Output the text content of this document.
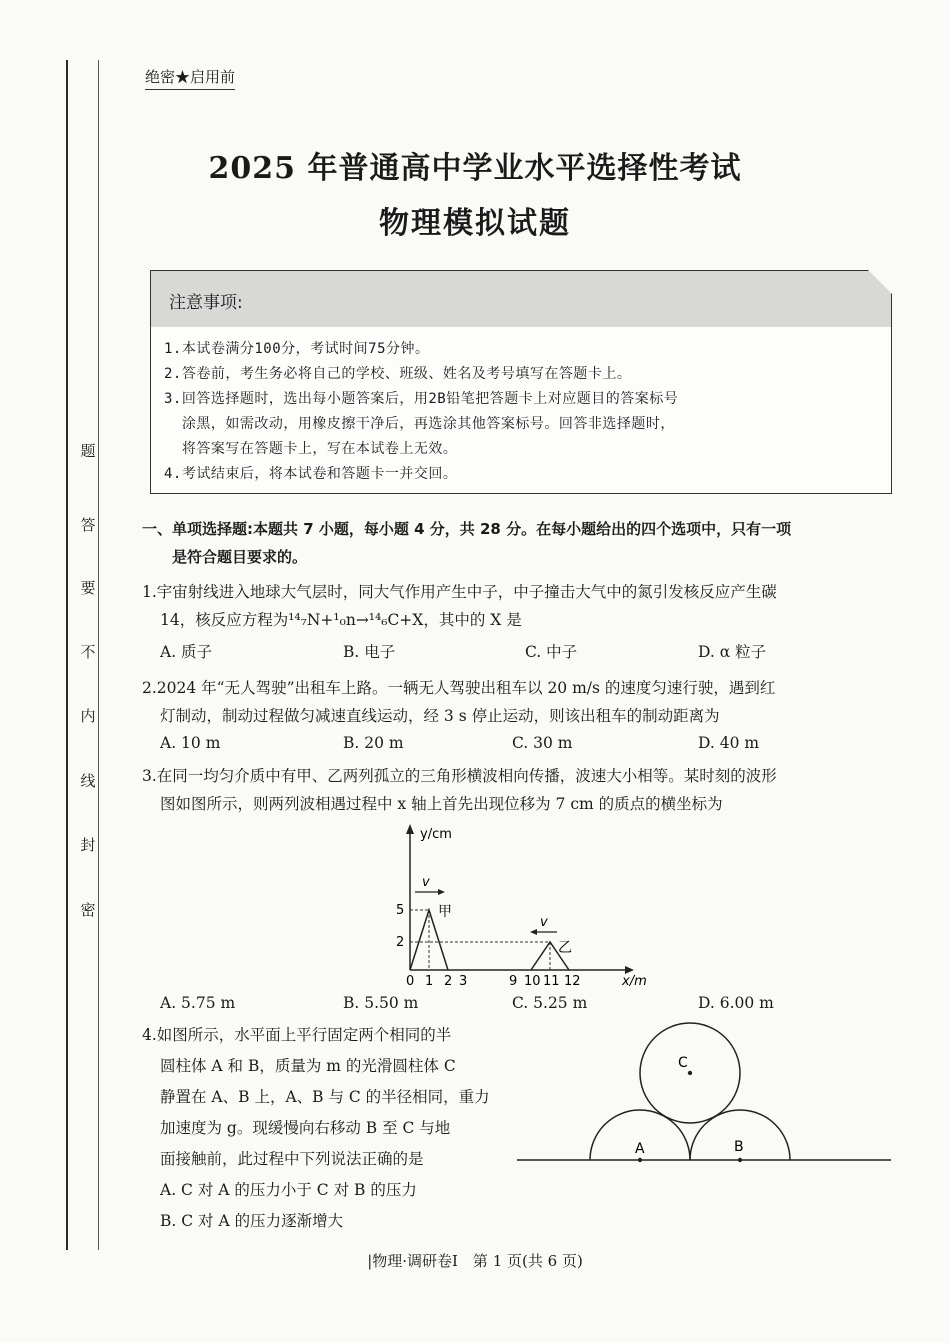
题
答
要
不
内
线
封
密
绝密★启用前
2025 年普通高中学业水平选择性考试
物理模拟试题
注意事项:
1.本试卷满分100分，考试时间75分钟。
2.答卷前，考生务必将自己的学校、班级、姓名及考号填写在答题卡上。
3.回答选择题时，选出每小题答案后，用2B铅笔把答题卡上对应题目的答案标号
涂黑，如需改动，用橡皮擦干净后，再选涂其他答案标号。回答非选择题时，
将答案写在答题卡上，写在本试卷上无效。
4.考试结束后，将本试卷和答题卡一并交回。
一、单项选择题:本题共 7 小题，每小题 4 分，共 28 分。在每小题给出的四个选项中，只有一项
是符合题目要求的。
1.宇宙射线进入地球大气层时，同大气作用产生中子，中子撞击大气中的氮引发核反应产生碳
14，核反应方程为¹⁴₇N+¹₀n→¹⁴₆C+X，其中的 X 是
A. 质子	B. 电子	C. 中子	D. α 粒子
2.2024 年“无人驾驶”出租车上路。一辆无人驾驶出租车以 20 m/s 的速度匀速行驶，遇到红
灯制动，制动过程做匀减速直线运动，经 3 s 停止运动，则该出租车的制动距离为
A. 10 m	B. 20 m	C. 30 m	D. 40 m
3.在同一均匀介质中有甲、乙两列孤立的三角形横波相向传播，波速大小相等。某时刻的波形
图如图所示，则两列波相遇过程中 x 轴上首先出现位移为 7 cm 的质点的横坐标为
y/cm
x/m
5
2
甲
v
乙
v
0 1 2 3	9 10 11 12
A. 5.75 m	B. 5.50 m	C. 5.25 m	D. 6.00 m
4.如图所示，水平面上平行固定两个相同的半
圆柱体 A 和 B，质量为 m 的光滑圆柱体 C
静置在 A、B 上，A、B 与 C 的半径相同，重力
加速度为 g。现缓慢向右移动 B 至 C 与地
面接触前，此过程中下列说法正确的是
A. C 对 A 的压力小于 C 对 B 的压力
B. C 对 A 的压力逐渐增大
C
A	B
|物理·调研卷Ⅰ　第 1 页(共 6 页)
